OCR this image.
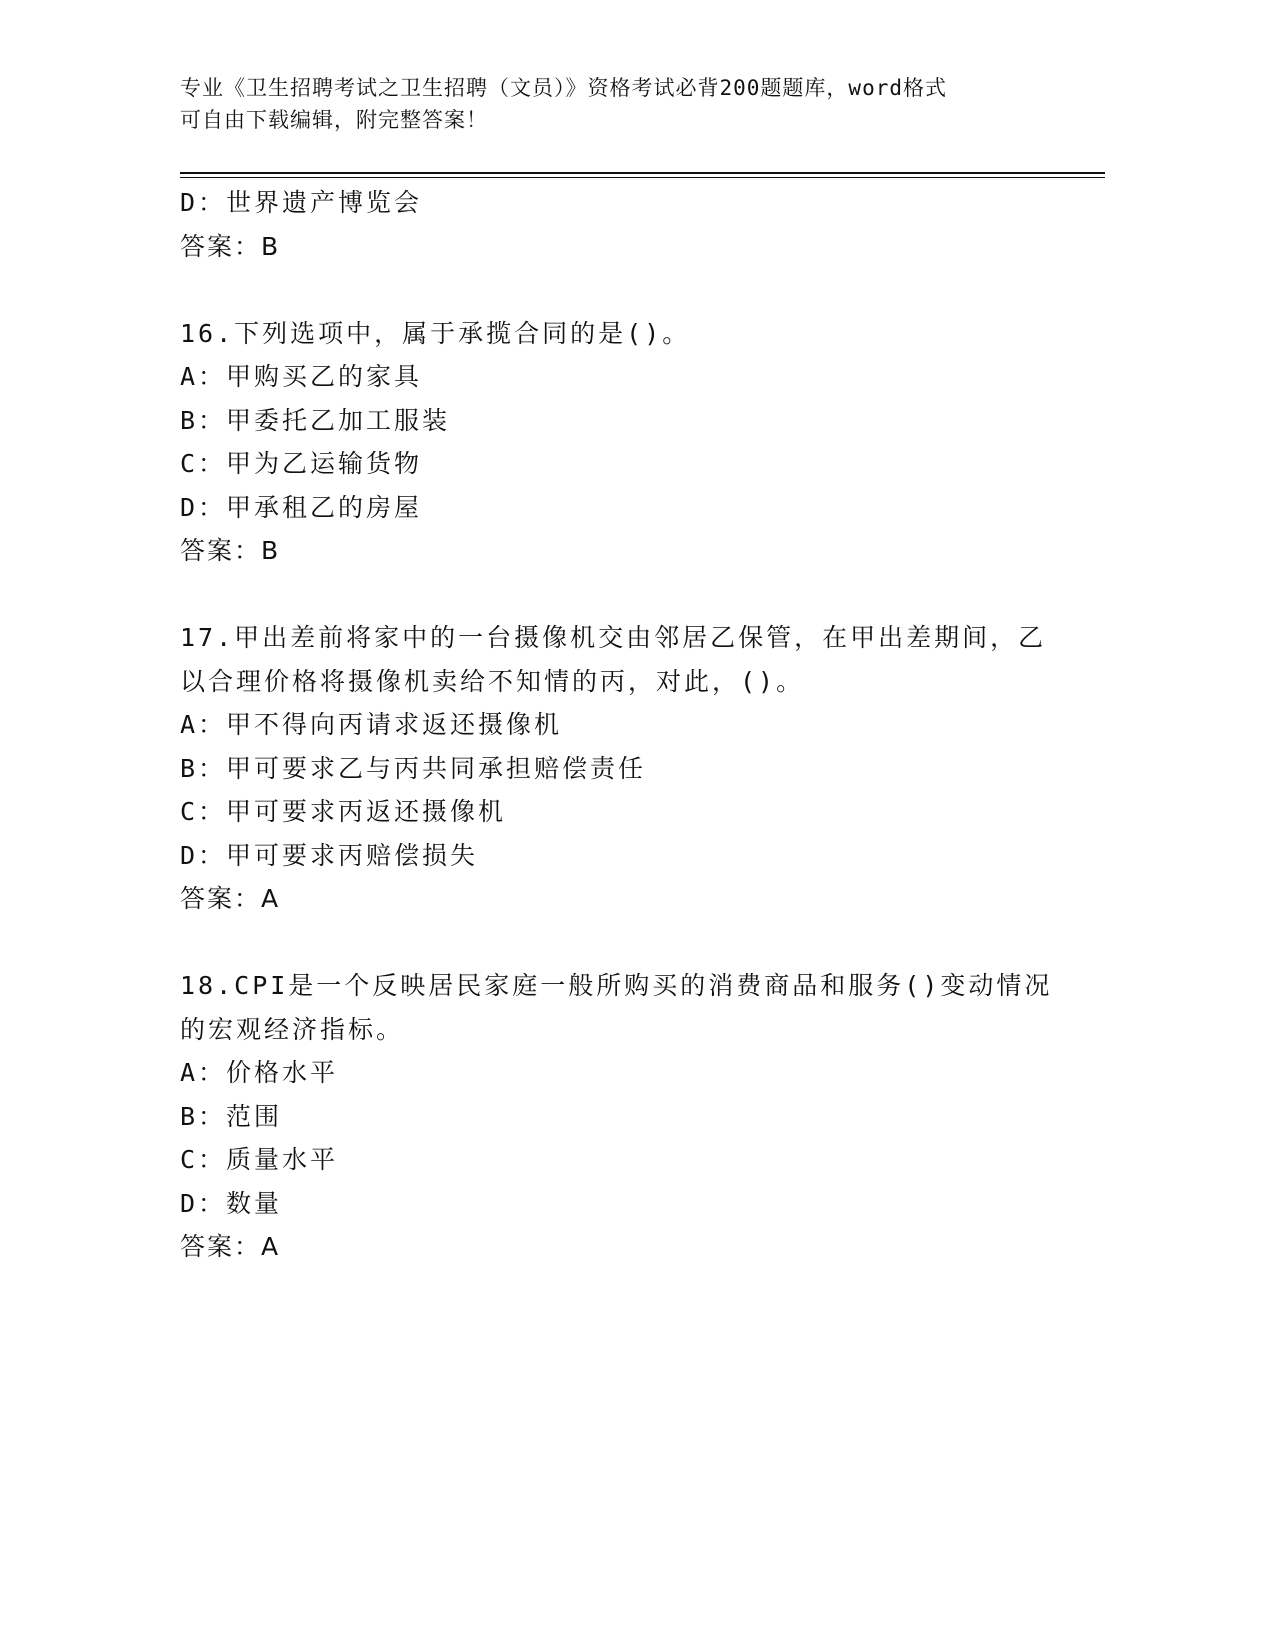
专业《卫生招聘考试之卫生招聘（文员）》资格考试必背200题题库，word格式
可自由下载编辑，附完整答案！
D：世界遗产博览会
答案：B
16.下列选项中，属于承揽合同的是()。
A：甲购买乙的家具
B：甲委托乙加工服装
C：甲为乙运输货物
D：甲承租乙的房屋
答案：B
17.甲出差前将家中的一台摄像机交由邻居乙保管，在甲出差期间，乙
以合理价格将摄像机卖给不知情的丙，对此，()。
A：甲不得向丙请求返还摄像机
B：甲可要求乙与丙共同承担赔偿责任
C：甲可要求丙返还摄像机
D：甲可要求丙赔偿损失
答案：A
18.CPI是一个反映居民家庭一般所购买的消费商品和服务()变动情况
的宏观经济指标。
A：价格水平
B：范围
C：质量水平
D：数量
答案：A
